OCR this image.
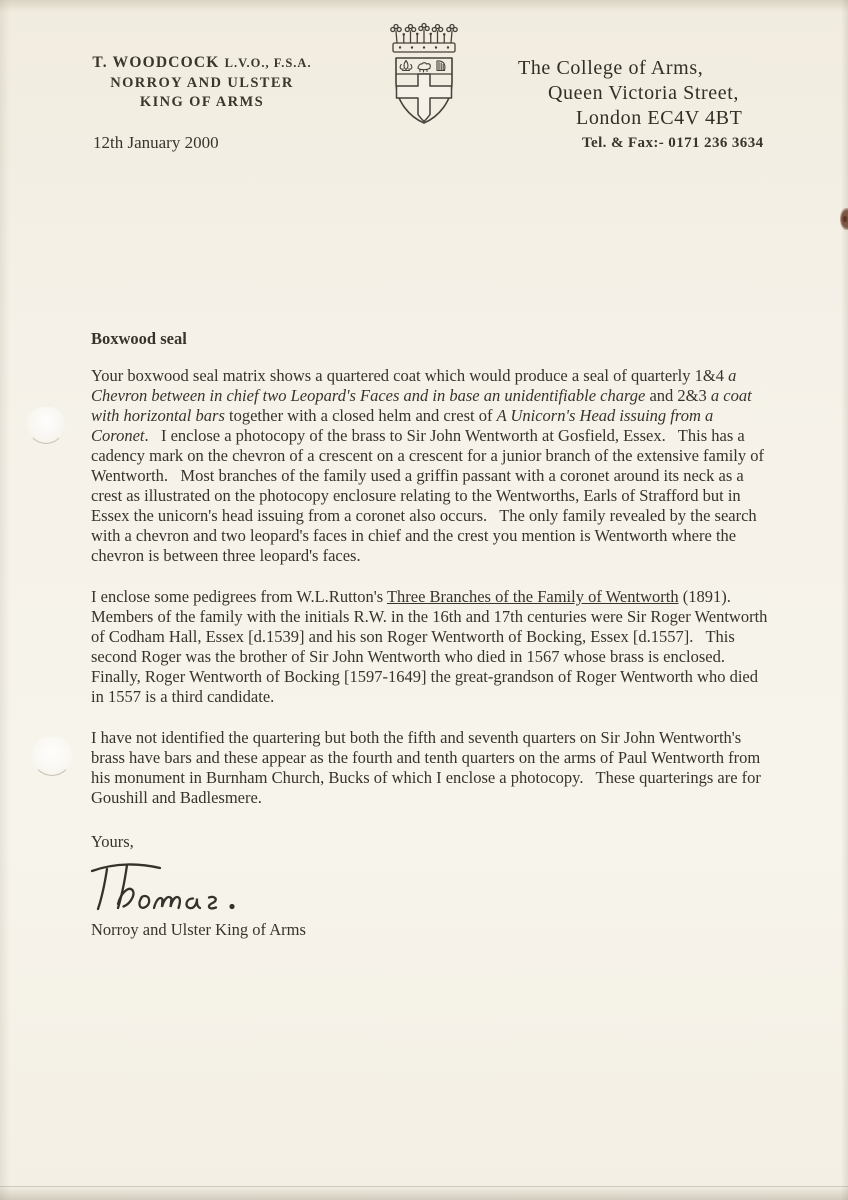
T. WOODCOCK L.V.O., F.S.A.
NORROY AND ULSTER
KING OF ARMS
The College of Arms,
Queen Victoria Street,
London EC4V 4BT
Tel. & Fax:- 0171 236 3634
12th January 2000
Boxwood seal

Your boxwood seal matrix shows a quartered coat which would produce a seal of quarterly 1&4 a Chevron between in chief two Leopard's Faces and in base an unidentifiable charge and 2&3 a coat with horizontal bars together with a closed helm and crest of A Unicorn's Head issuing from a Coronet.   I enclose a photocopy of the brass to Sir John Wentworth at Gosfield, Essex.   This has a cadency mark on the chevron of a crescent on a crescent for a junior branch of the extensive family of Wentworth.   Most branches of the family used a griffin passant with a coronet around its neck as a crest as illustrated on the photocopy enclosure relating to the Wentworths, Earls of Strafford but in Essex the unicorn's head issuing from a coronet also occurs.   The only family revealed by the search with a chevron and two leopard's faces in chief and the crest you mention is Wentworth where the chevron is between three leopard's faces.

I enclose some pedigrees from W.L.Rutton's Three Branches of the Family of Wentworth (1891).   Members of the family with the initials R.W. in the 16th and 17th centuries were Sir Roger Wentworth of Codham Hall, Essex [d.1539] and his son Roger Wentworth of Bocking, Essex [d.1557].   This second Roger was the brother of Sir John Wentworth who died in 1567 whose brass is enclosed.   Finally, Roger Wentworth of Bocking [1597-1649] the great-grandson of Roger Wentworth who died in 1557 is a third candidate.

I have not identified the quartering but both the fifth and seventh quarters on Sir John Wentworth's brass have bars and these appear as the fourth and tenth quarters on the arms of Paul Wentworth from his monument in Burnham Church, Bucks of which I enclose a photocopy.   These quarterings are for Goushill and Badlesmere.

Yours,
Norroy and Ulster King of Arms
